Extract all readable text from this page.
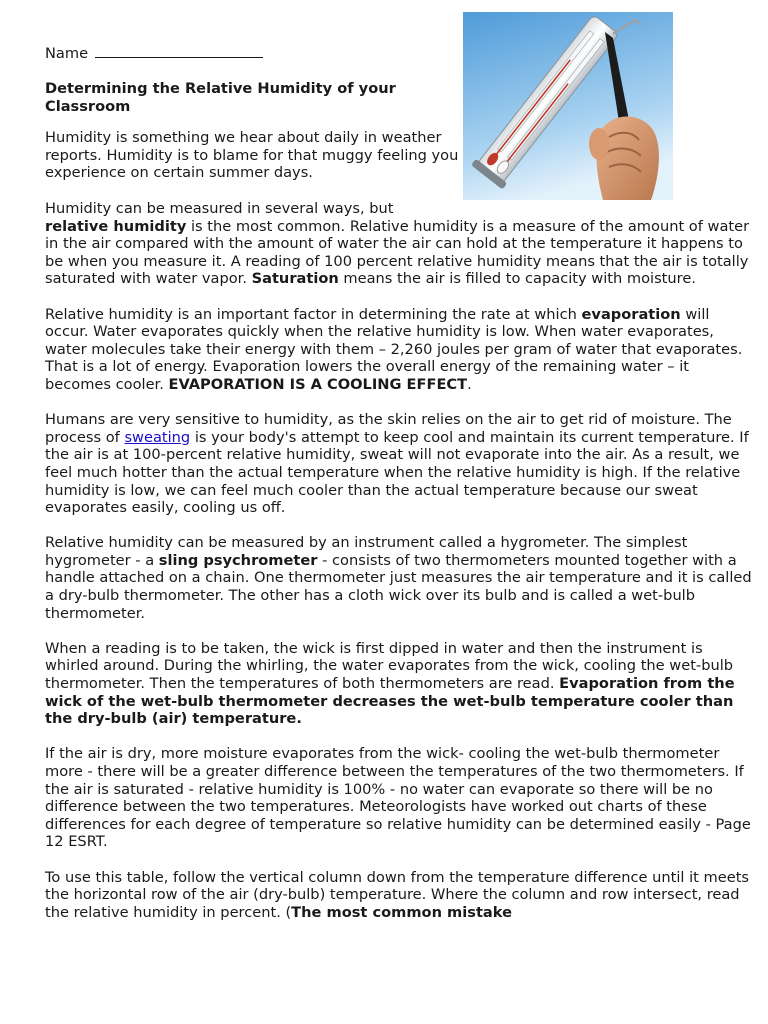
Name

Determining the Relative Humidity of your Classroom

Humidity is something we hear about daily in weather reports. Humidity is to blame for that muggy feeling you experience on certain summer days.

Humidity can be measured in several ways, but
relative humidity is the most common. Relative humidity is a measure of the amount of water in the air compared with the amount of water the air can hold at the temperature it happens to be when you measure it. A reading of 100 percent relative humidity means that the air is totally saturated with water vapor. Saturation means the air is filled to capacity with moisture.

Relative humidity is an important factor in determining the rate at which evaporation will occur. Water evaporates quickly when the relative humidity is low. When water evaporates, water molecules take their energy with them – 2,260 joules per gram of water that evaporates. That is a lot of energy. Evaporation lowers the overall energy of the remaining water – it becomes cooler. EVAPORATION IS A COOLING EFFECT.

Humans are very sensitive to humidity, as the skin relies on the air to get rid of moisture. The process of sweating is your body's attempt to keep cool and maintain its current temperature. If the air is at 100-percent relative humidity, sweat will not evaporate into the air. As a result, we feel much hotter than the actual temperature when the relative humidity is high. If the relative humidity is low, we can feel much cooler than the actual temperature because our sweat evaporates easily, cooling us off.

Relative humidity can be measured by an instrument called a hygrometer. The simplest hygrometer - a sling psychrometer - consists of two thermometers mounted together with a handle attached on a chain. One thermometer just measures the air temperature and it is called a dry-bulb thermometer. The other has a cloth wick over its bulb and is called a wet-bulb thermometer.

When a reading is to be taken, the wick is first dipped in water and then the instrument is whirled around. During the whirling, the water evaporates from the wick, cooling the wet-bulb thermometer. Then the temperatures of both thermometers are read. Evaporation from the wick of the wet-bulb thermometer decreases the wet-bulb temperature cooler than the dry-bulb (air) temperature.

If the air is dry, more moisture evaporates from the wick- cooling the wet-bulb thermometer more - there will be a greater difference between the temperatures of the two thermometers. If the air is saturated - relative humidity is 100% - no water can evaporate so there will be no difference between the two temperatures. Meteorologists have worked out charts of these differences for each degree of temperature so relative humidity can be determined easily - Page 12 ESRT.

To use this table, follow the vertical column down from the temperature difference until it meets the horizontal row of the air (dry-bulb) temperature. Where the column and row intersect, read the relative humidity in percent. (The most common mistake
